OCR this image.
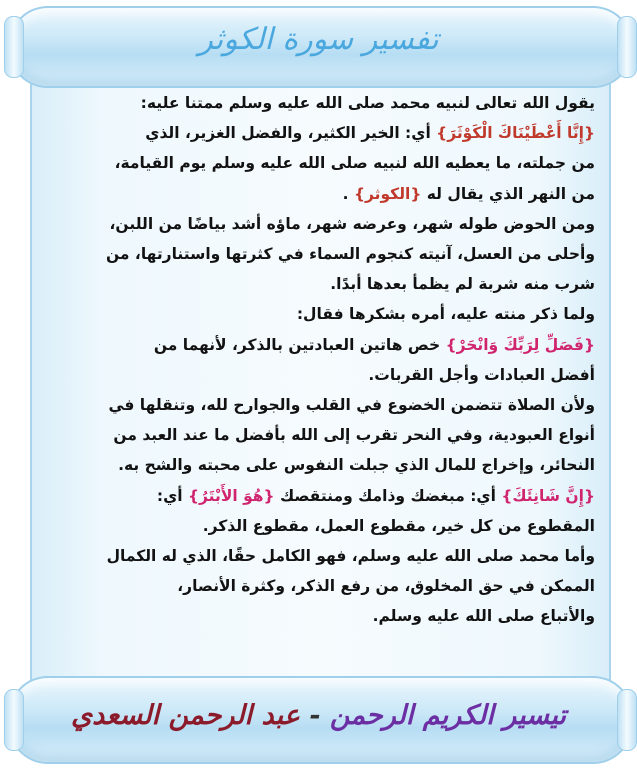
تفسير سورة الكوثر

يقول الله تعالى لنبيه محمد صلى الله عليه وسلم ممتنا عليه:

{إِنَّا أَعْطَيْنَاكَ الْكَوْثَرَ} أي: الخير الكثير، والفضل الغزير، الذي

من جملته، ما يعطيه الله لنبيه صلى الله عليه وسلم يوم القيامة،

من النهر الذي يقال له {الكوثر} .

ومن الحوض طوله شهر، وعرضه شهر، ماؤه أشد بياضًا من اللبن،

وأحلى من العسل، آنيته كنجوم السماء في كثرتها واستنارتها، من

شرب منه شربة لم يظمأ بعدها أبدًا.

ولما ذكر منته عليه، أمره بشكرها فقال:

{فَصَلِّ لِرَبِّكَ وَانْحَرْ} خص هاتين العبادتين بالذكر، لأنهما من

أفضل العبادات وأجل القربات.

ولأن الصلاة تتضمن الخضوع في القلب والجوارح لله، وتنقلها في

أنواع العبودية، وفي النحر تقرب إلى الله بأفضل ما عند العبد من

النحائر، وإخراج للمال الذي جبلت النفوس على محبته والشح به.

{إِنَّ شَانِئَكَ} أي: مبغضك وذامك ومنتقصك {هُوَ الأَبْتَرُ} أي:

المقطوع من كل خير، مقطوع العمل، مقطوع الذكر.

وأما محمد صلى الله عليه وسلم، فهو الكامل حقًا، الذي له الكمال

الممكن في حق المخلوق، من رفع الذكر، وكثرة الأنصار،

والأتباع صلى الله عليه وسلم.

تيسير الكريم الرحمن - عبد الرحمن السعدي
